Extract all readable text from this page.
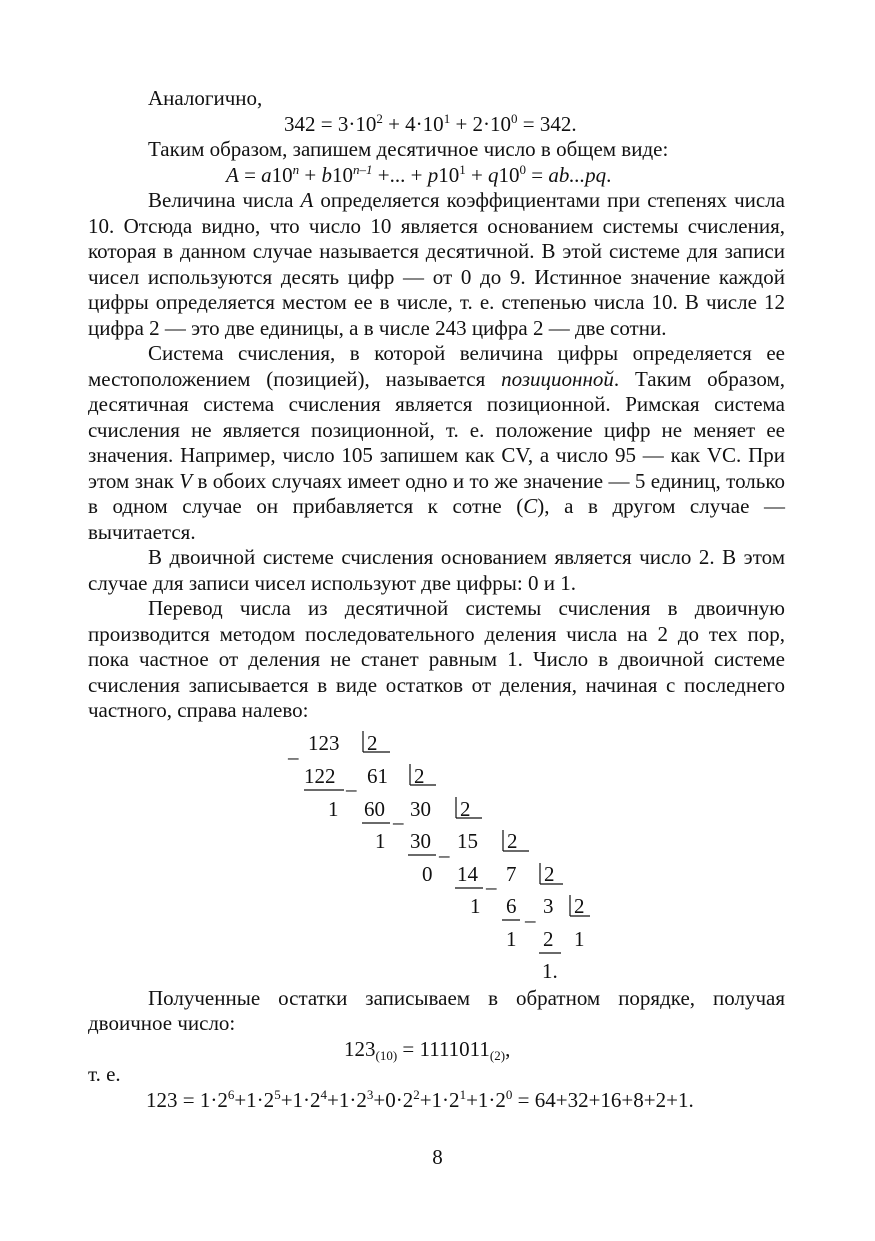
Аналогично,

$342 = 3\cdot 10^2 + 4\cdot 10^1 + 2\cdot 10^0 = 342$.

Таким образом, запишем десятичное число в общем виде:

$A = a10^n + b10^{n-1}$ +... + $p10^1 + q10^0 = ab...pq$.

Величина числа A определяется коэффициентами при степенях числа 10. Отсюда видно, что число 10 является основанием системы счисления, которая в данном случае называется десятичной. В этой системе для записи чисел используются десять цифр — от 0 до 9. Истинное значение каждой цифры определяется местом ее в числе, т. е. степенью числа 10. В числе 12 цифра 2 — это две единицы, а в числе 243 цифра 2 — две сотни.

Система счисления, в которой величина цифры определяется ее местоположением (позицией), называется позиционной. Таким образом, десятичная система счисления является позиционной. Римская система счисления не является позиционной, т. е. положение цифр не меняет ее значения. Например, число 105 запишем как CV, а число 95 — как VC. При этом знак V в обоих случаях имеет одно и то же значение — 5 единиц, только в одном случае он прибавляется к сотне (C), а в другом случае — вычитается.

В двоичной системе счисления основанием является число 2. В этом случае для записи чисел используют две цифры: 0 и 1.

Перевод числа из десятичной системы счисления в двоичную производится методом последовательного деления числа на 2 до тех пор, пока частное от деления не станет равным 1. Число в двоичной системе счисления записывается в виде остатков от деления, начиная с последнего частного, справа налево:

123 2
–
122 61 2
–
1 60 30 2
–
1 30 15 2
–
0 14 7 2
–
1 6 3 2
–
1 2 1
1.

Полученные остатки записываем в обратном порядке, получая двоичное число:

$123_{(10)} = 1111011_{(2)}$,

т. е.

$123 = 1\cdot 2^6+1\cdot 2^5+1\cdot 2^4+1\cdot 2^3+0\cdot 2^2+1\cdot 2^1+1\cdot 2^0 = 64+32+16+8+2+1$.

8
